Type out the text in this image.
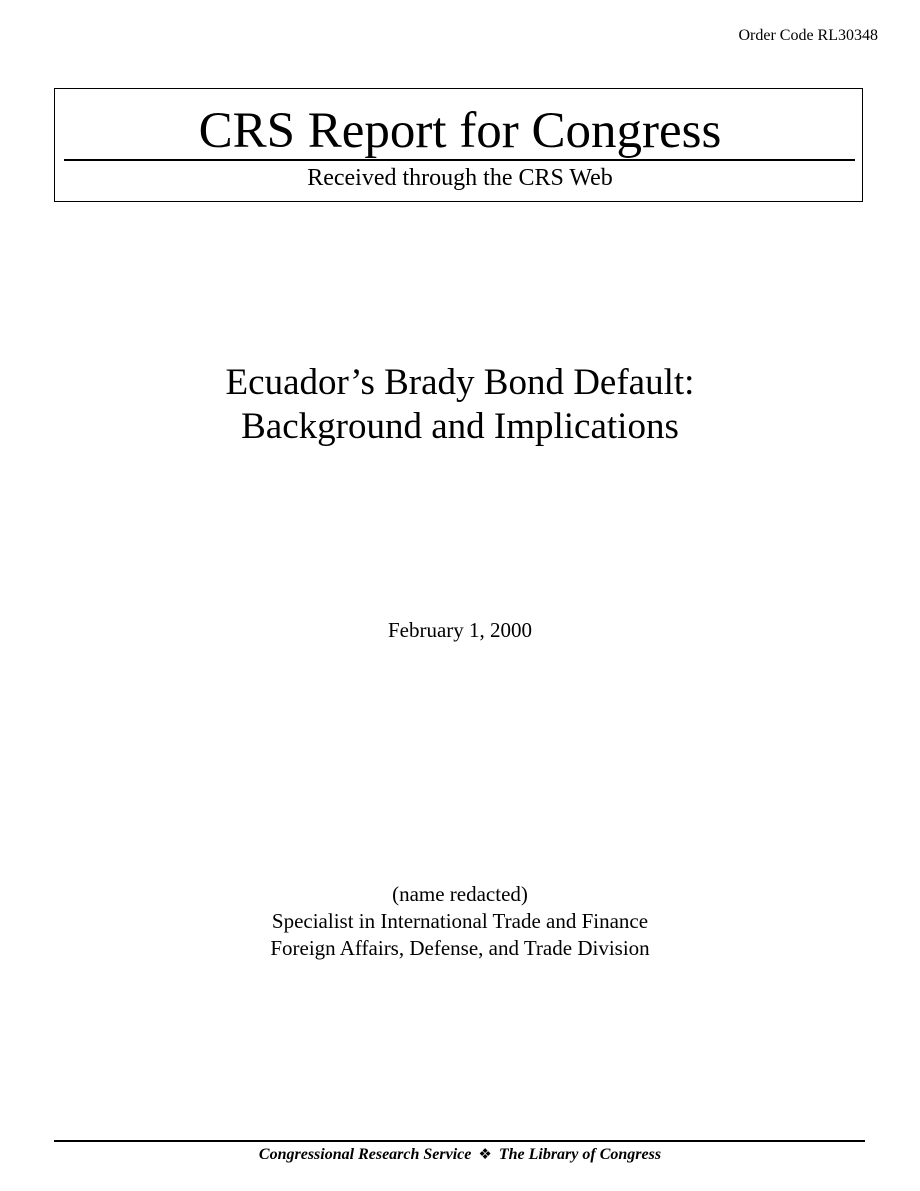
Order Code RL30348
CRS Report for Congress
Received through the CRS Web
Ecuador’s Brady Bond Default:
Background and Implications
February 1, 2000
(name redacted)
Specialist in International Trade and Finance
Foreign Affairs, Defense, and Trade Division
Congressional Research Service ❖ The Library of Congress
